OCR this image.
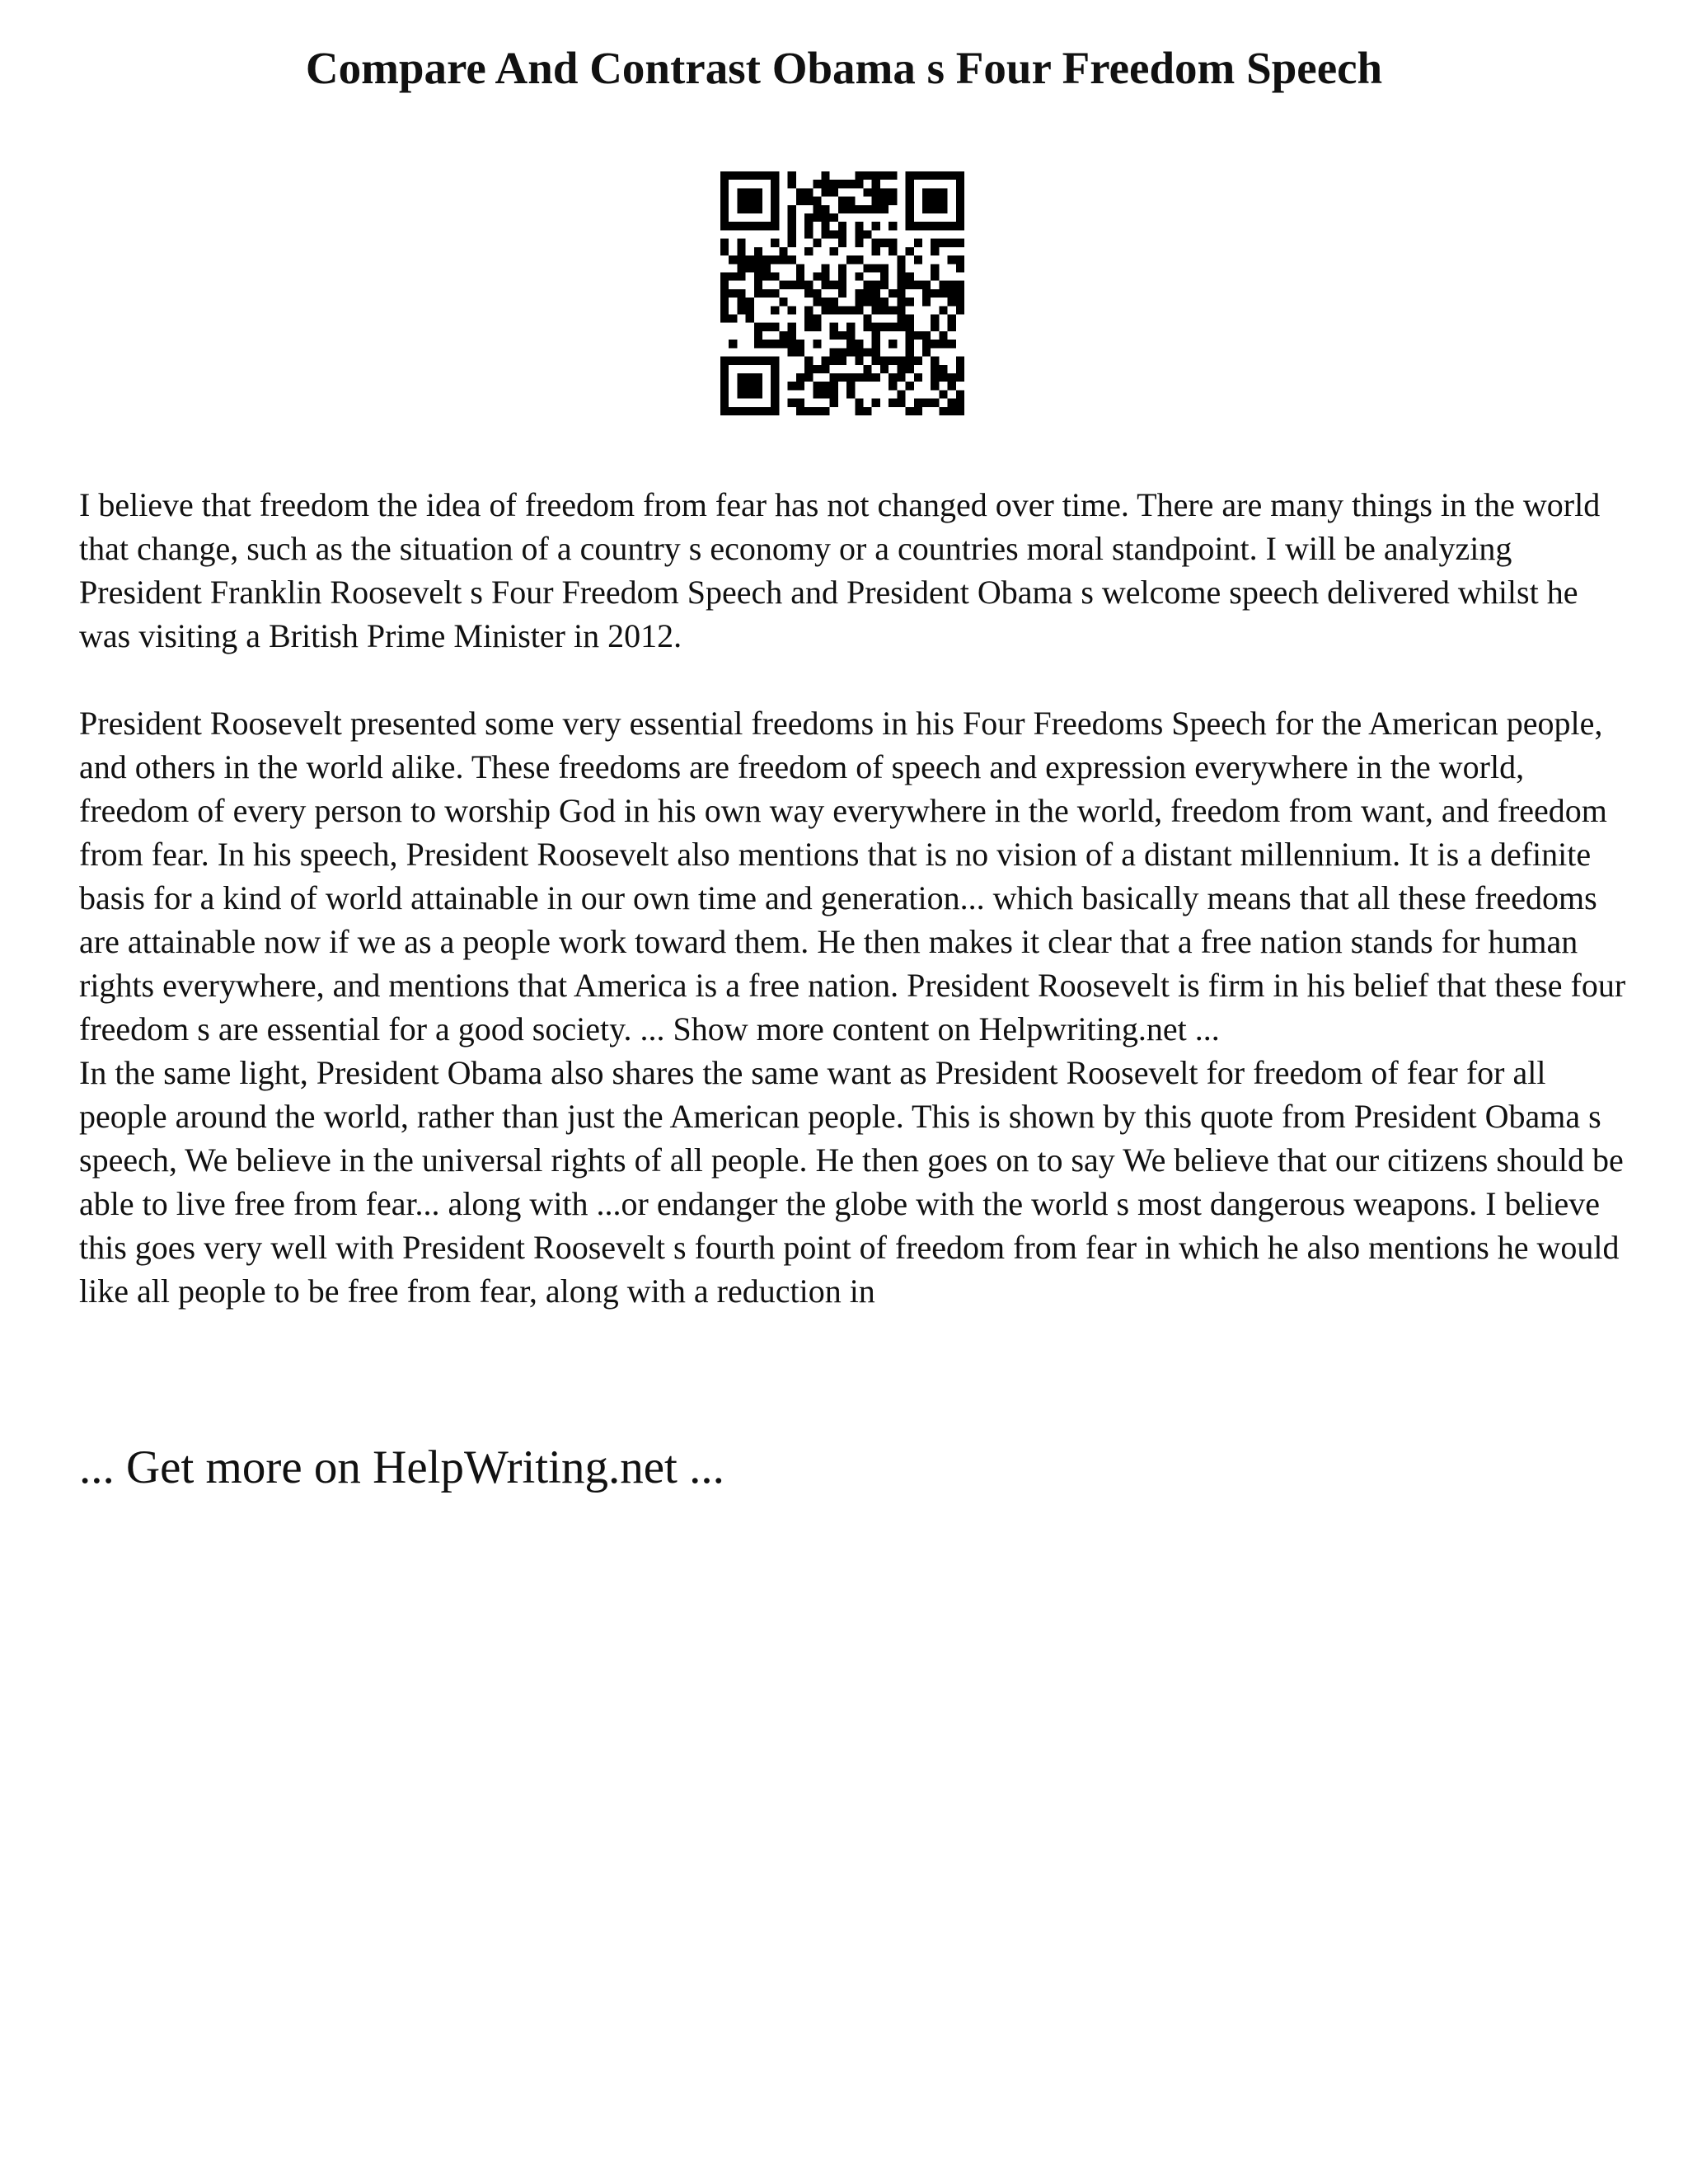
Compare And Contrast Obama s Four Freedom Speech

I believe that freedom the idea of freedom from fear has not changed over time. There are many things in the world that change, such as the situation of a country s economy or a countries moral standpoint. I will be analyzing President Franklin Roosevelt s Four Freedom Speech and President Obama s welcome speech delivered whilst he was visiting a British Prime Minister in 2012.

President Roosevelt presented some very essential freedoms in his Four Freedoms Speech for the American people, and others in the world alike. These freedoms are freedom of speech and expression everywhere in the world, freedom of every person to worship God in his own way everywhere in the world, freedom from want, and freedom from fear. In his speech, President Roosevelt also mentions that is no vision of a distant millennium. It is a definite basis for a kind of world attainable in our own time and generation... which basically means that all these freedoms are attainable now if we as a people work toward them. He then makes it clear that a free nation stands for human rights everywhere, and mentions that America is a free nation. President Roosevelt is firm in his belief that these four freedom s are essential for a good society. ... Show more content on Helpwriting.net ...

In the same light, President Obama also shares the same want as President Roosevelt for freedom of fear for all people around the world, rather than just the American people. This is shown by this quote from President Obama s speech, We believe in the universal rights of all people. He then goes on to say We believe that our citizens should be able to live free from fear... along with ...or endanger the globe with the world s most dangerous weapons. I believe this goes very well with President Roosevelt s fourth point of freedom from fear in which he also mentions he would like all people to be free from fear, along with a reduction in

... Get more on HelpWriting.net ...
